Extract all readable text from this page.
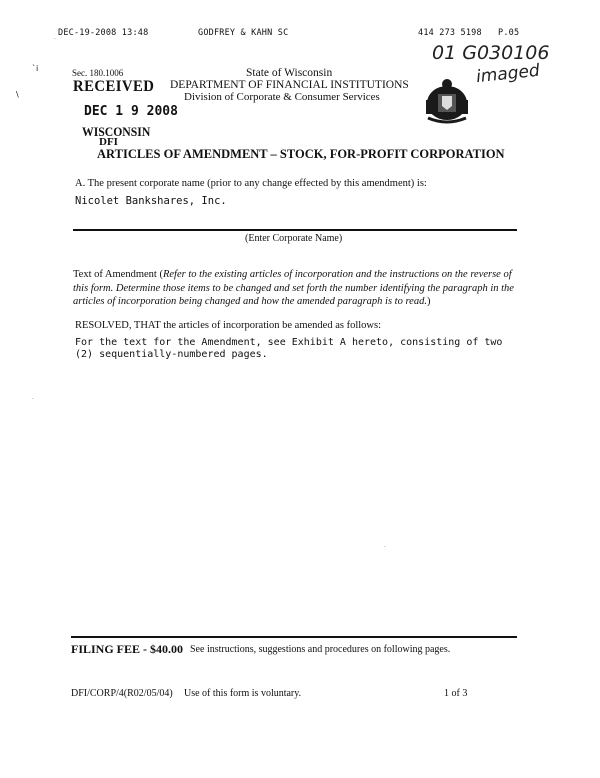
DEC-19-2008 13:48	GODFREY & KAHN SC	414 273 5198 P.05
01 G030106
imaged
`i
\
Sec. 180.1006
RECEIVED
DEC 1 9 2008
WISCONSIN
DFI
State of Wisconsin
DEPARTMENT OF FINANCIAL INSTITUTIONS
Division of Corporate & Consumer Services
ARTICLES OF AMENDMENT – STOCK, FOR-PROFIT CORPORATION
A. The present corporate name (prior to any change effected by this amendment) is:
Nicolet Bankshares, Inc.
(Enter Corporate Name)
Text of Amendment (Refer to the existing articles of incorporation and the instructions on the reverse of this form. Determine those items to be changed and set forth the number identifying the paragraph in the articles of incorporation being changed and how the amended paragraph is to read.)
RESOLVED, THAT the articles of incorporation be amended as follows:
For the text for the Amendment, see Exhibit A hereto, consisting of two (2) sequentially-numbered pages.
FILING FEE - $40.00 See instructions, suggestions and procedures on following pages.
DFI/CORP/4(R02/05/04) Use of this form is voluntary.	1 of 3
.
.
.
